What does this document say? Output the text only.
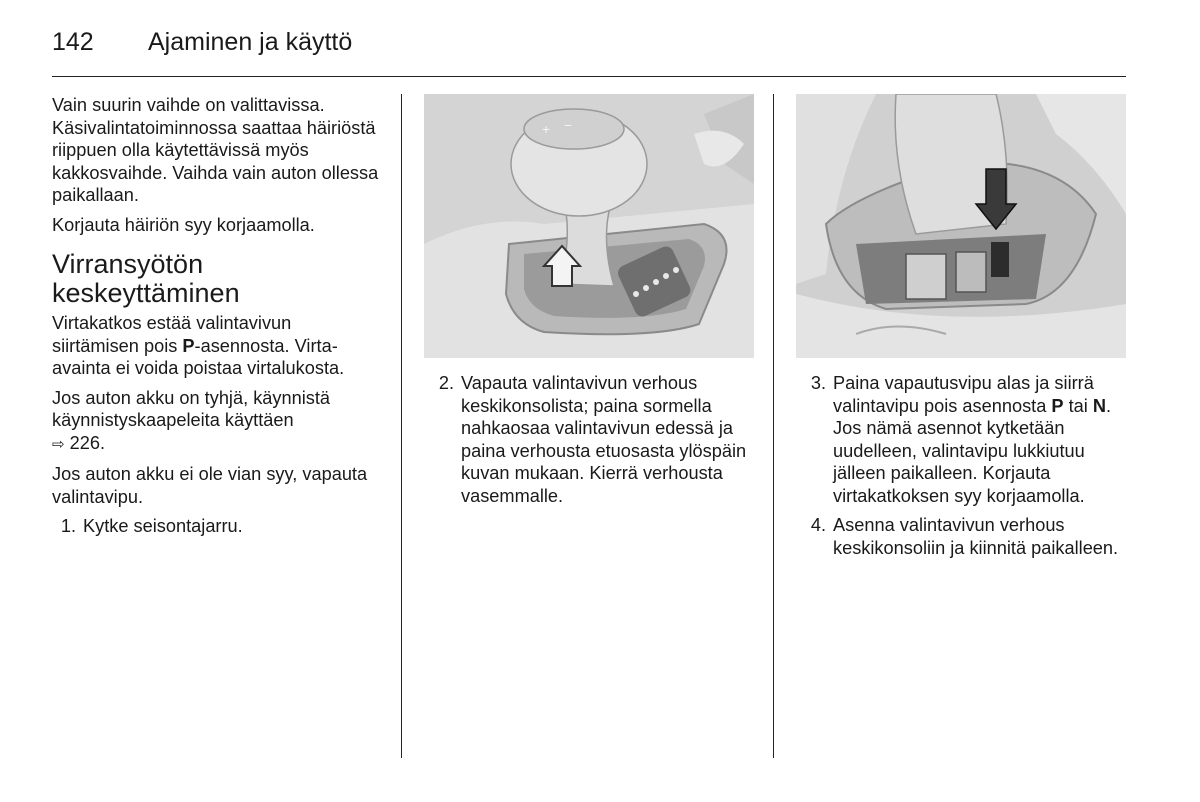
142 Ajaminen ja käyttö

Vain suurin vaihde on valittavissa. Käsivalintatoiminnossa saattaa häiriöstä riippuen olla käytettävissä myös kakkosvaihde. Vaihda vain auton ollessa paikallaan.

Korjauta häiriön syy korjaamolla.

Virransyötön keskeyttäminen

Virtakatkos estää valintavivun siirtämisen pois P-asennosta. Virta-avainta ei voida poistaa virtalukosta.

Jos auton akku on tyhjä, käynnistä käynnistyskaapeleita käyttäen
⇨ 226.

Jos auton akku ei ole vian syy, vapauta valintavipu.

1. Kytke seisontajarru.
+ −
2. Vapauta valintavivun verhous keskikonsolista; paina sormella nahkaosaa valintavivun edessä ja paina verhousta etuosasta ylöspäin kuvan mukaan. Kierrä verhousta vasemmalle.
3. Paina vapautusvipu alas ja siirrä valintavipu pois asennosta P tai N. Jos nämä asennot kytketään uudelleen, valintavipu lukkiutuu jälleen paikalleen. Korjauta virtakatkoksen syy korjaamolla.
4. Asenna valintavivun verhous keskikonsoliin ja kiinnitä paikalleen.
